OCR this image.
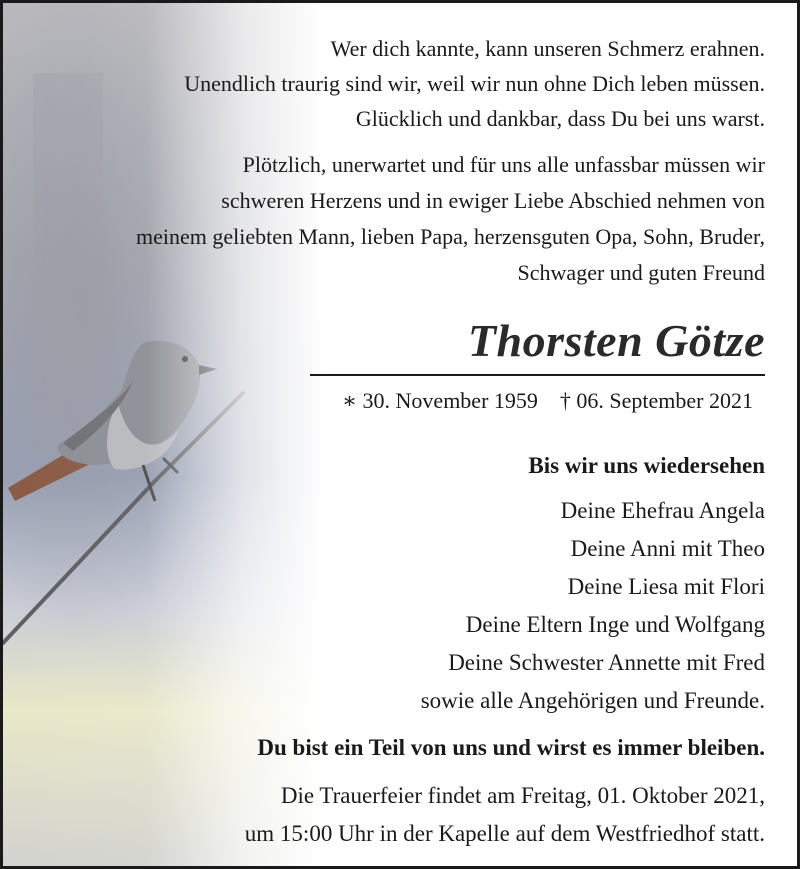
Wer dich kannte, kann unseren Schmerz erahnen.
Unendlich traurig sind wir, weil wir nun ohne Dich leben müssen.
Glücklich und dankbar, dass Du bei uns warst.
Plötzlich, unerwartet und für uns alle unfassbar müssen wir
schweren Herzens und in ewiger Liebe Abschied nehmen von
meinem geliebten Mann, lieben Papa, herzensguten Opa, Sohn, Bruder,
Schwager und guten Freund
Thorsten Götze
∗ 30. November 1959 † 06. September 2021
Bis wir uns wiedersehen
Deine Ehefrau Angela
Deine Anni mit Theo
Deine Liesa mit Flori
Deine Eltern Inge und Wolfgang
Deine Schwester Annette mit Fred
sowie alle Angehörigen und Freunde.
Du bist ein Teil von uns und wirst es immer bleiben.
Die Trauerfeier findet am Freitag, 01. Oktober 2021,
um 15:00 Uhr in der Kapelle auf dem Westfriedhof statt.
